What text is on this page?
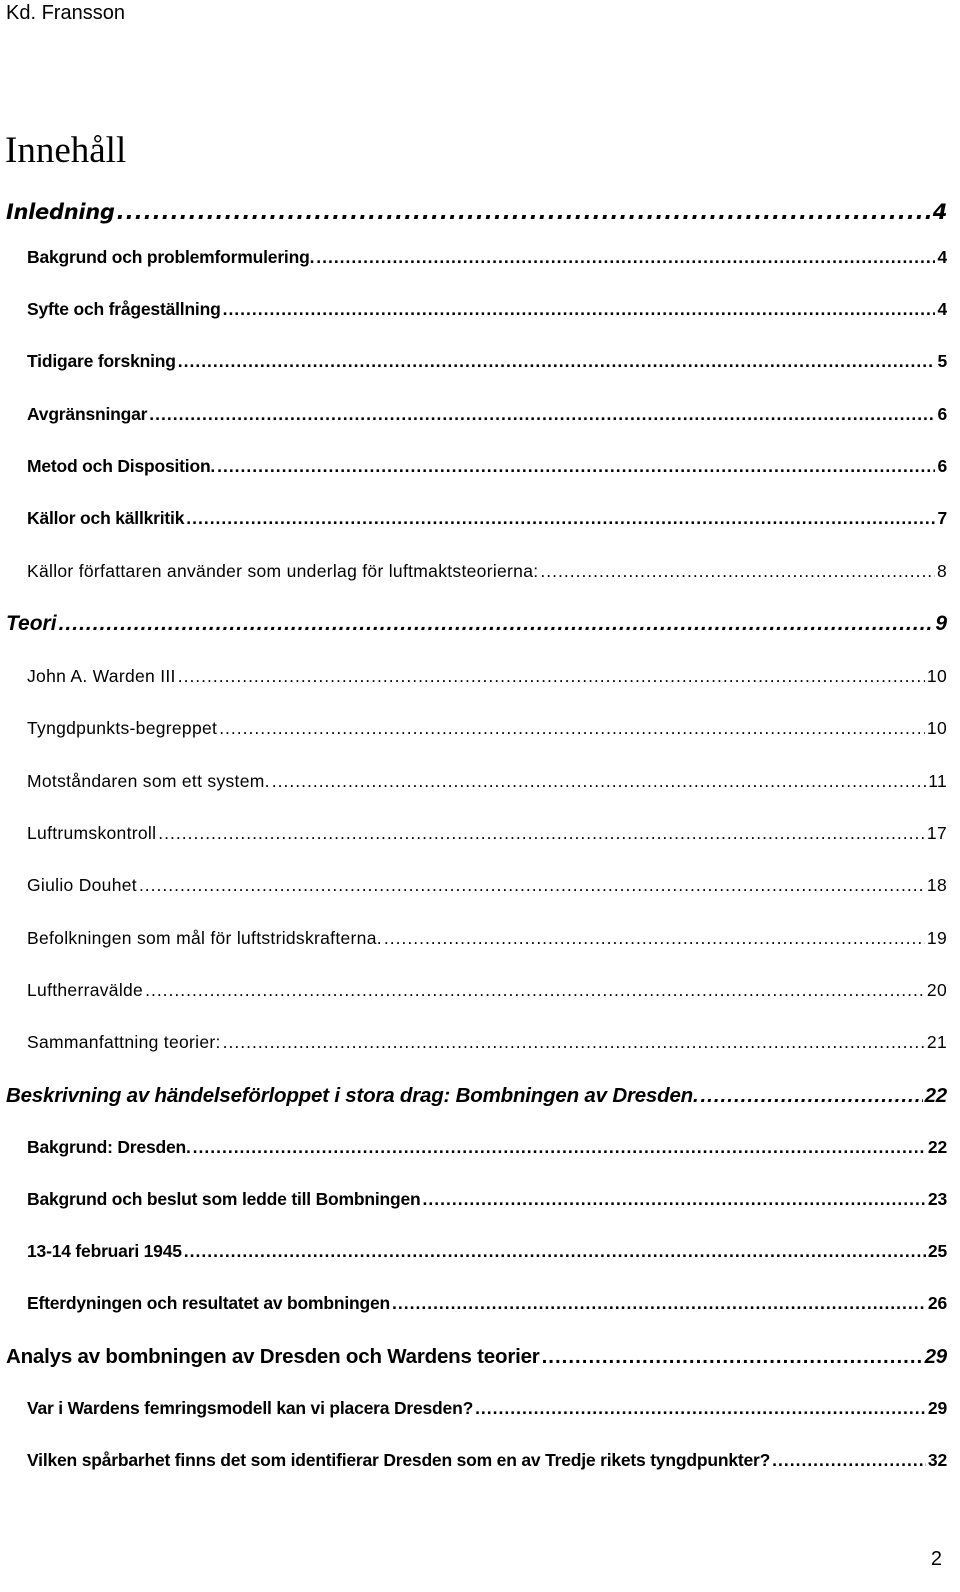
Kd. Fransson
Innehåll
Inledning .....	4
Bakgrund och problemformulering. .....	4
Syfte och frågeställning .....	4
Tidigare forskning .....	5
Avgränsningar .....	6
Metod och Disposition. .....	6
Källor och källkritik .....	7
Källor författaren använder som underlag för luftmaktsteorierna: .....	8
Teori .....	9
John A. Warden III .....	10
Tyngdpunkts-begreppet .....	10
Motståndaren som ett system. .....	11
Luftrumskontroll .....	17
Giulio Douhet .....	18
Befolkningen som mål för luftstridskrafterna. .....	19
Luftherravälde .....	20
Sammanfattning teorier: .....	21
Beskrivning av händelseförloppet i stora drag: Bombningen av Dresden. .....	22
Bakgrund: Dresden. .....	22
Bakgrund och beslut som ledde till Bombningen .....	23
13-14 februari 1945 .....	25
Efterdyningen och resultatet av bombningen .....	26
Analys av bombningen av Dresden och Wardens teorier .....	29
Var i Wardens femringsmodell kan vi placera Dresden? .....	29
Vilken spårbarhet finns det som identifierar Dresden som en av Tredje rikets tyngdpunkter? .....	32
2
